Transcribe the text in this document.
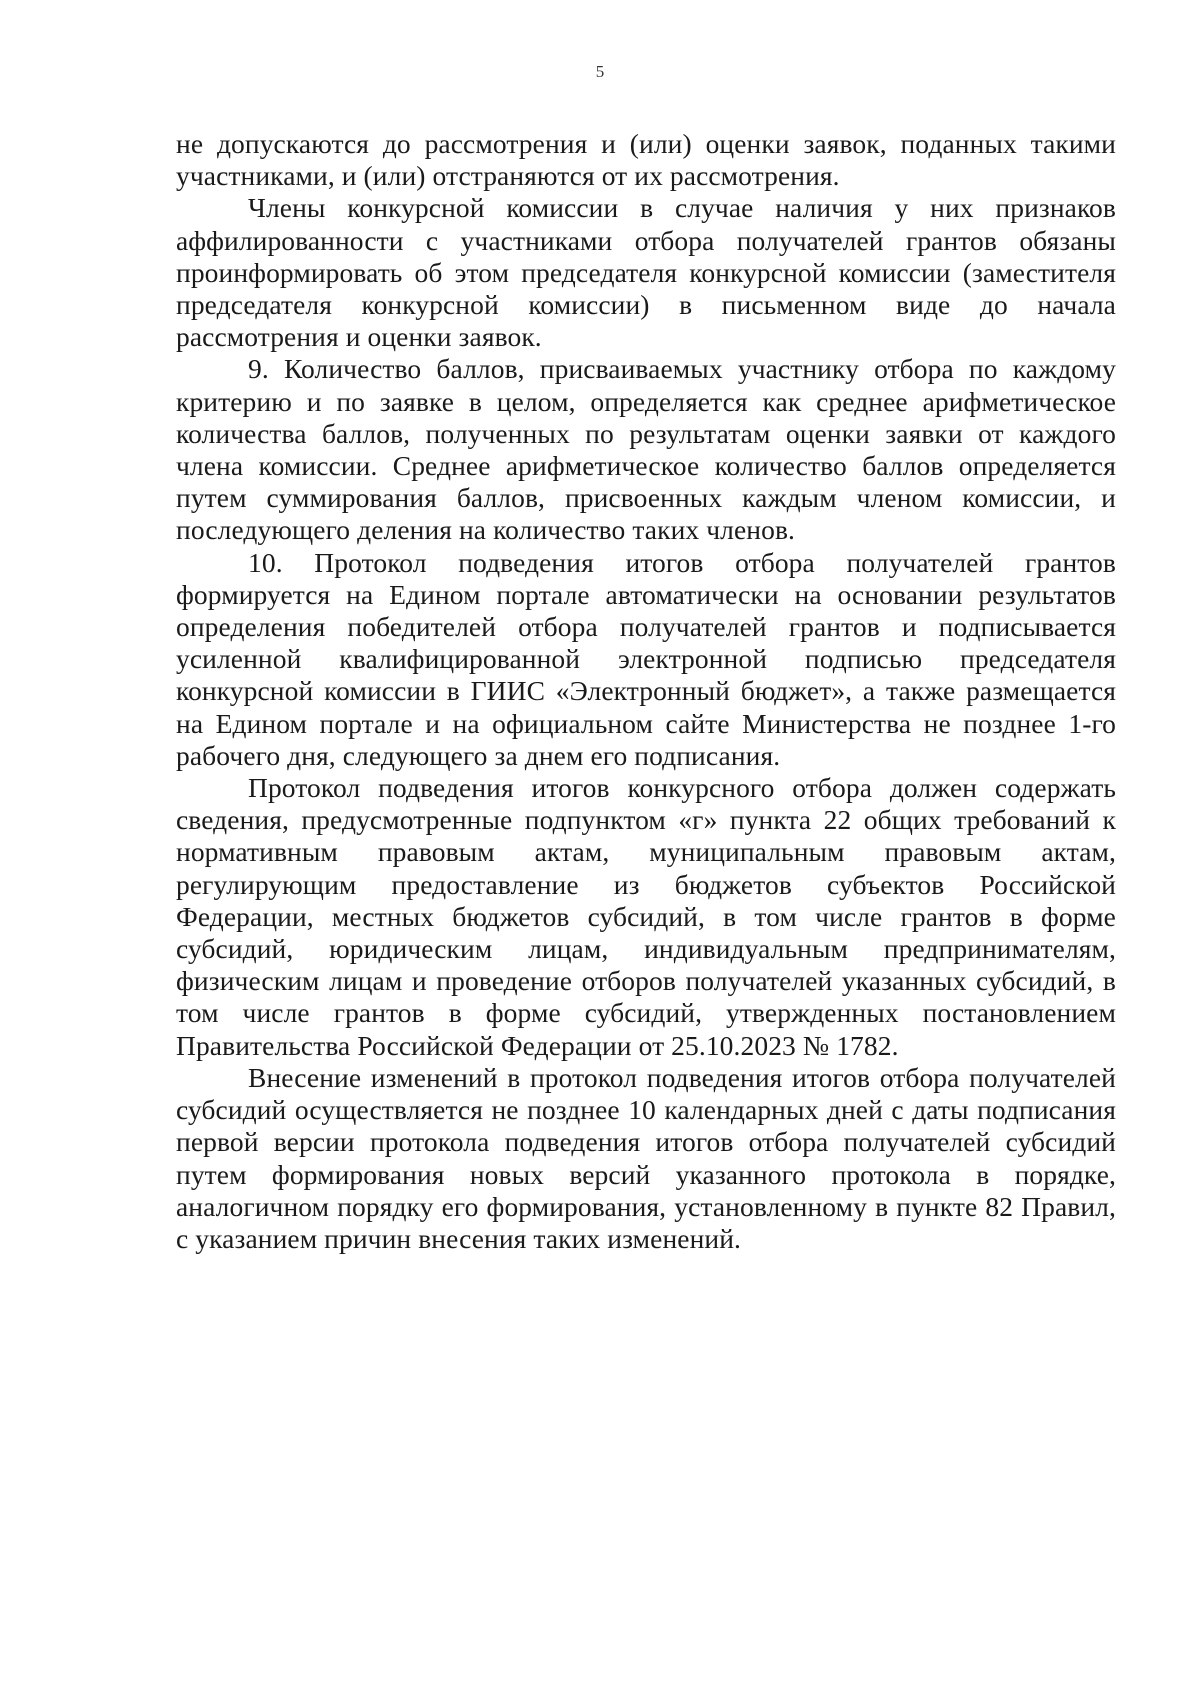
5

не допускаются до рассмотрения и (или) оценки заявок, поданных такими участниками, и (или) отстраняются от их рассмотрения.

Члены конкурсной комиссии в случае наличия у них признаков аффилированности с участниками отбора получателей грантов обязаны проинформировать об этом председателя конкурсной комиссии (заместителя председателя конкурсной комиссии) в письменном виде до начала рассмотрения и оценки заявок.

9. Количество баллов, присваиваемых участнику отбора по каждому критерию и по заявке в целом, определяется как среднее арифметическое количества баллов, полученных по результатам оценки заявки от каждого члена комиссии. Среднее арифметическое количество баллов определяется путем суммирования баллов, присвоенных каждым членом комиссии, и последующего деления на количество таких членов.

10. Протокол подведения итогов отбора получателей грантов формируется на Едином портале автоматически на основании результатов определения победителей отбора получателей грантов и подписывается усиленной квалифицированной электронной подписью председателя конкурсной комиссии в ГИИС «Электронный бюджет», а также размещается на Едином портале и на официальном сайте Министерства не позднее 1-го рабочего дня, следующего за днем его подписания.

Протокол подведения итогов конкурсного отбора должен содержать сведения, предусмотренные подпунктом «г» пункта 22 общих требований к нормативным правовым актам, муниципальным правовым актам, регулирующим предоставление из бюджетов субъектов Российской Федерации, местных бюджетов субсидий, в том числе грантов в форме субсидий, юридическим лицам, индивидуальным предпринимателям, физическим лицам и проведение отборов получателей указанных субсидий, в том числе грантов в форме субсидий, утвержденных постановлением Правительства Российской Федерации от 25.10.2023 № 1782.

Внесение изменений в протокол подведения итогов отбора получателей субсидий осуществляется не позднее 10 календарных дней с даты подписания первой версии протокола подведения итогов отбора получателей субсидий путем формирования новых версий указанного протокола в порядке, аналогичном порядку его формирования, установленному в пункте 82 Правил, с указанием причин внесения таких изменений.
